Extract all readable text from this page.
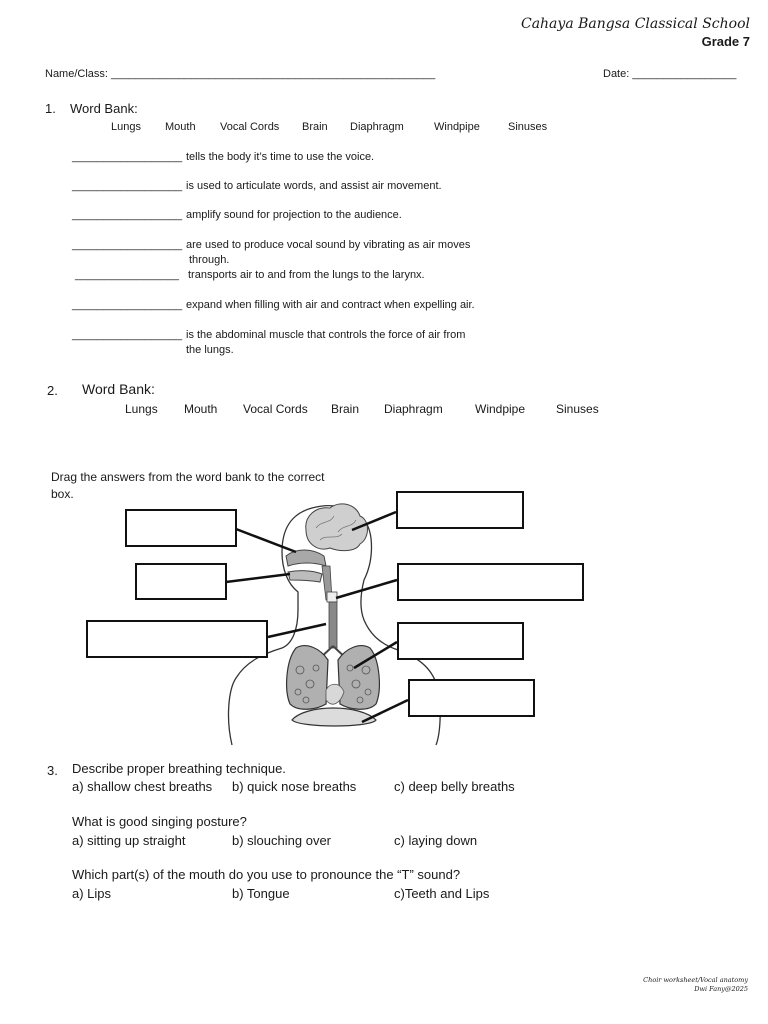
Cahaya Bangsa Classical School
Grade 7
Name/Class: _____________________________________________________	Date: _________________
1. Word Bank:
Lungs Mouth Vocal Cords Brain Diaphragm	Windpipe	Sinuses
__________________ tells the body it’s time to use the voice.
__________________ is used to articulate words, and assist air movement.
__________________ amplify sound for projection to the audience.
__________________ are used to produce vocal sound by vibrating as air moves
through.
_________________ transports air to and from the lungs to the larynx.
__________________ expand when filling with air and contract when expelling air.
__________________ is the abdominal muscle that controls the force of air from
the lungs.
2. Word Bank:
Lungs Mouth Vocal Cords Brain Diaphragm	Windpipe	Sinuses
Drag the answers from the word bank to the correct
box.
3. Describe proper breathing technique.
a) shallow chest breaths b) quick nose breaths	c) deep belly breaths
What is good singing posture?
a) sitting up straight	b) slouching over	c) laying down
Which part(s) of the mouth do you use to pronounce the “T” sound?
a) Lips	b) Tongue	c)Teeth and Lips
Choir worksheet/Vocal anatomy
Dwi Fany@2025
